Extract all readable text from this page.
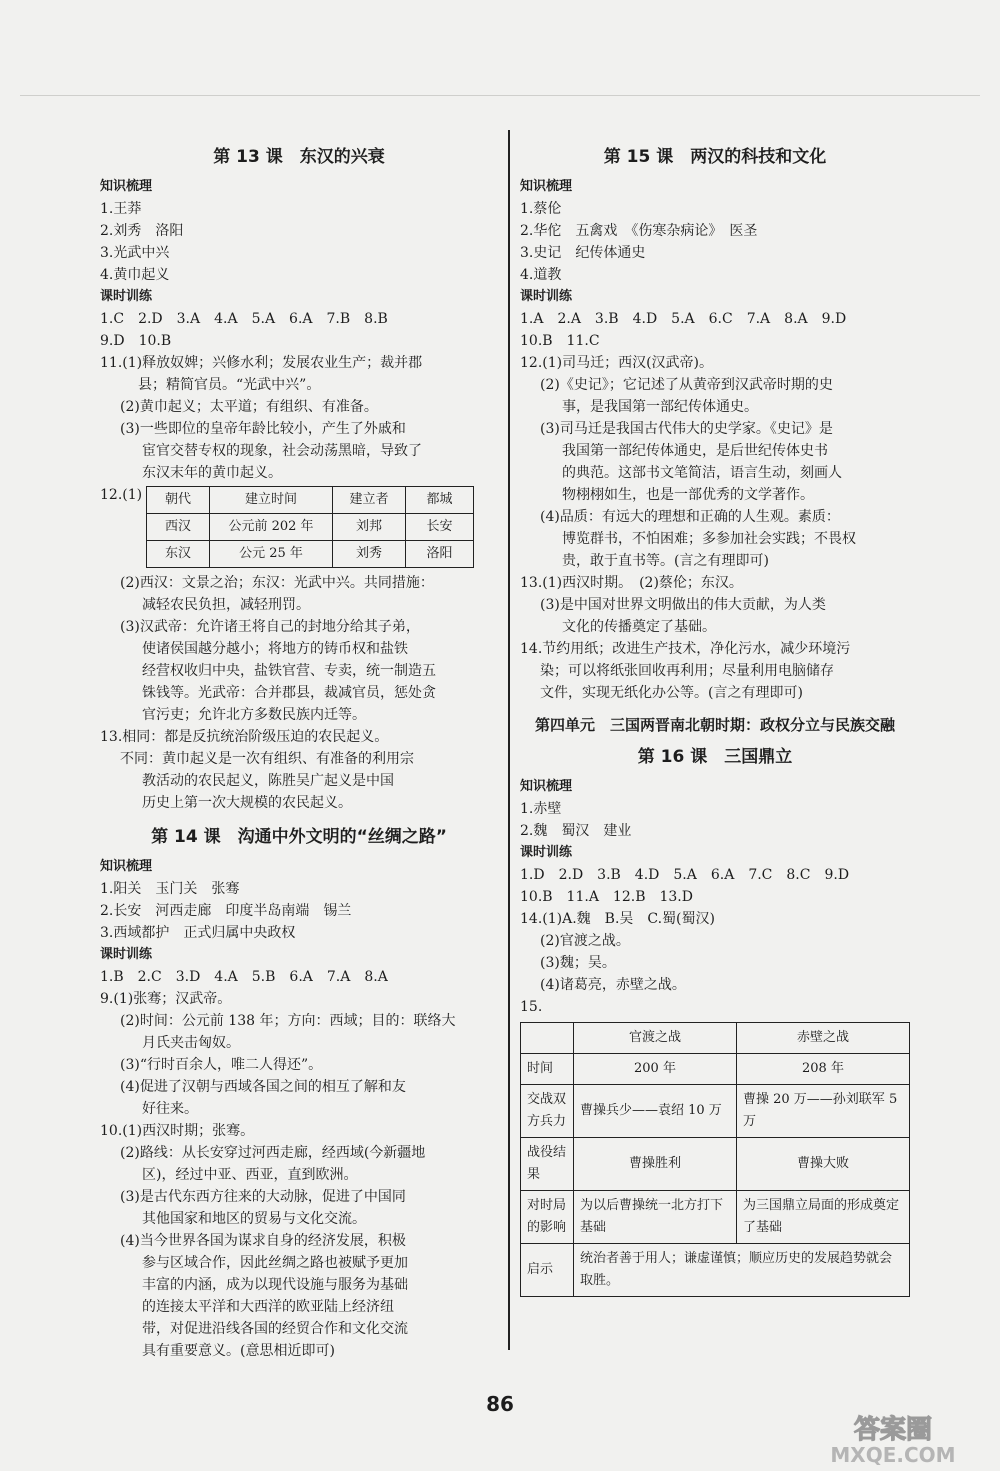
第 13 课　东汉的兴衰
知识梳理
1.王莽
2.刘秀　洛阳
3.光武中兴
4.黄巾起义
课时训练
1.C　2.D　3.A　4.A　5.A　6.A　7.B　8.B
9.D　10.B
11.(1)释放奴婢；兴修水利；发展农业生产；裁并郡
县；精简官员。“光武中兴”。
(2)黄巾起义；太平道；有组织、有准备。
(3)一些即位的皇帝年龄比较小，产生了外戚和
宦官交替专权的现象，社会动荡黑暗，导致了
东汉末年的黄巾起义。
12.(1) 朝代	建立时间	建立者	都城
西汉	公元前 202 年	刘邦	长安
东汉	公元 25 年	刘秀	洛阳
(2)西汉：文景之治；东汉：光武中兴。共同措施：
减轻农民负担，减轻刑罚。
(3)汉武帝：允许诸王将自己的封地分给其子弟，
使诸侯国越分越小；将地方的铸币权和盐铁
经营权收归中央，盐铁官营、专卖，统一制造五
铢钱等。光武帝：合并郡县，裁减官员，惩处贪
官污吏；允许北方多数民族内迁等。
13.相同：都是反抗统治阶级压迫的农民起义。
不同：黄巾起义是一次有组织、有准备的利用宗
教活动的农民起义，陈胜吴广起义是中国
历史上第一次大规模的农民起义。
第 14 课　沟通中外文明的“丝绸之路”
知识梳理
1.阳关　玉门关　张骞
2.长安　河西走廊　印度半岛南端　锡兰
3.西域都护　正式归属中央政权
课时训练
1.B　2.C　3.D　4.A　5.B　6.A　7.A　8.A
9.(1)张骞；汉武帝。
(2)时间：公元前 138 年；方向：西域；目的：联络大
月氏夹击匈奴。
(3)“行时百余人，唯二人得还”。
(4)促进了汉朝与西域各国之间的相互了解和友
好往来。
10.(1)西汉时期；张骞。
(2)路线：从长安穿过河西走廊，经西域(今新疆地
区)，经过中亚、西亚，直到欧洲。
(3)是古代东西方往来的大动脉，促进了中国同
其他国家和地区的贸易与文化交流。
(4)当今世界各国为谋求自身的经济发展，积极
参与区域合作，因此丝绸之路也被赋予更加
丰富的内涵，成为以现代设施与服务为基础
的连接太平洋和大西洋的欧亚陆上经济纽
带，对促进沿线各国的经贸合作和文化交流
具有重要意义。(意思相近即可)
第 15 课　两汉的科技和文化
知识梳理
1.蔡伦
2.华佗　五禽戏　《伤寒杂病论》　医圣
3.史记　纪传体通史
4.道教
课时训练
1.A　2.A　3.B　4.D　5.A　6.C　7.A　8.A　9.D
10.B　11.C
12.(1)司马迁；西汉(汉武帝)。
(2)《史记》；它记述了从黄帝到汉武帝时期的史
事，是我国第一部纪传体通史。
(3)司马迁是我国古代伟大的史学家。《史记》是
我国第一部纪传体通史，是后世纪传体史书
的典范。这部书文笔简洁，语言生动，刻画人
物栩栩如生，也是一部优秀的文学著作。
(4)品质：有远大的理想和正确的人生观。素质：
博览群书，不怕困难；多参加社会实践；不畏权
贵，敢于直书等。(言之有理即可)
13.(1)西汉时期。　(2)蔡伦；东汉。
(3)是中国对世界文明做出的伟大贡献，为人类
文化的传播奠定了基础。
14.节约用纸；改进生产技术，净化污水，减少环境污
染；可以将纸张回收再利用；尽量利用电脑储存
文件，实现无纸化办公等。(言之有理即可)
第四单元　三国两晋南北朝时期：政权分立与民族交融
第 16 课　三国鼎立
知识梳理
1.赤壁
2.魏　蜀汉　建业
课时训练
1.D　2.D　3.B　4.D　5.A　6.A　7.C　8.C　9.D
10.B　11.A　12.B　13.D
14.(1)A.魏　B.吴　C.蜀(蜀汉)
(2)官渡之战。
(3)魏；吴。
(4)诸葛亮，赤壁之战。
15.
	官渡之战	赤壁之战
时间	200 年	208 年
交战双方兵力	曹操兵少——袁绍 10 万	曹操 20 万——孙刘联军 5 万
战役结果	曹操胜利	曹操大败
对时局的影响	为以后曹操统一北方打下基础	为三国鼎立局面的形成奠定了基础
启示	统治者善于用人；谦虚谨慎；顺应历史的发展趋势就会取胜。	
86
答案圈
MXQE.COM
